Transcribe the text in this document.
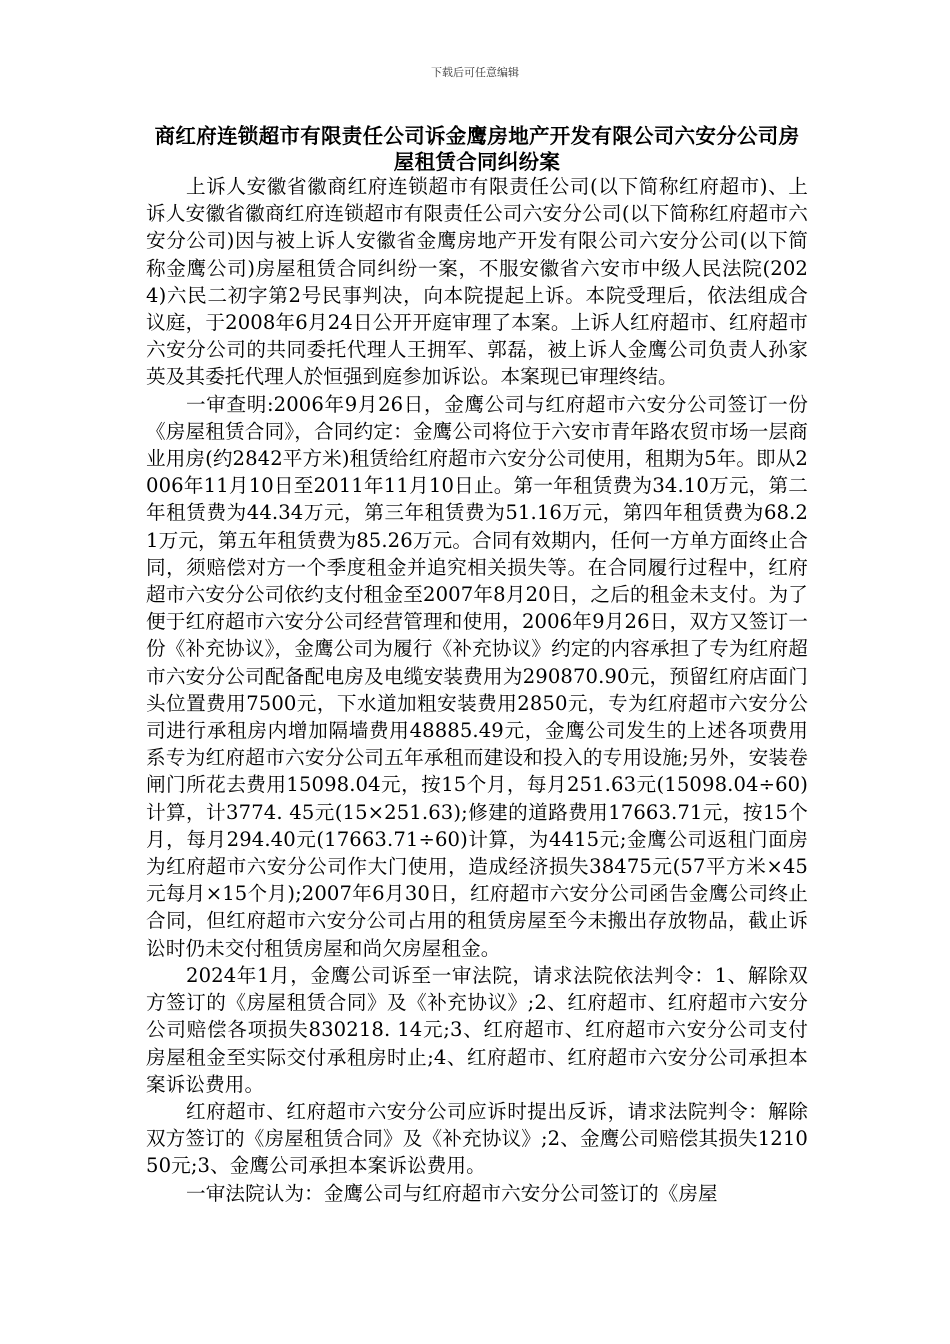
下载后可任意编辑
商红府连锁超市有限责任公司诉金鹰房地产开发有限公司六安分公司房屋租赁合同纠纷案

上诉人安徽省徽商红府连锁超市有限责任公司(以下简称红府超市)、上诉人安徽省徽商红府连锁超市有限责任公司六安分公司(以下简称红府超市六安分公司)因与被上诉人安徽省金鹰房地产开发有限公司六安分公司(以下简称金鹰公司)房屋租赁合同纠纷一案，不服安徽省六安市中级人民法院(2024)六民二初字第2号民事判决，向本院提起上诉。本院受理后，依法组成合议庭，于2008年6月24日公开开庭审理了本案。上诉人红府超市、红府超市六安分公司的共同委托代理人王拥军、郭磊，被上诉人金鹰公司负责人孙家英及其委托代理人於恒强到庭参加诉讼。本案现已审理终结。

一审查明:2006年9月26日，金鹰公司与红府超市六安分公司签订一份《房屋租赁合同》，合同约定：金鹰公司将位于六安市青年路农贸市场一层商业用房(约2842平方米)租赁给红府超市六安分公司使用，租期为5年。即从2006年11月10日至2011年11月10日止。第一年租赁费为34.10万元，第二年租赁费为44.34万元，第三年租赁费为51.16万元，第四年租赁费为68.21万元，第五年租赁费为85.26万元。合同有效期内，任何一方单方面终止合同，须赔偿对方一个季度租金并追究相关损失等。在合同履行过程中，红府超市六安分公司依约支付租金至2007年8月20日，之后的租金未支付。为了便于红府超市六安分公司经营管理和使用，2006年9月26日，双方又签订一份《补充协议》，金鹰公司为履行《补充协议》约定的内容承担了专为红府超市六安分公司配备配电房及电缆安装费用为290870.90元，预留红府店面门头位置费用7500元，下水道加粗安装费用2850元，专为红府超市六安分公司进行承租房内增加隔墙费用48885.49元，金鹰公司发生的上述各项费用系专为红府超市六安分公司五年承租而建设和投入的专用设施;另外，安装卷闸门所花去费用15098.04元，按15个月，每月251.63元(15098.04÷60)计算，计3774. 45元(15×251.63);修建的道路费用17663.71元，按15个月，每月294.40元(17663.71÷60)计算，为4415元;金鹰公司返租门面房为红府超市六安分公司作大门使用，造成经济损失38475元(57平方米×45元每月×15个月);2007年6月30日，红府超市六安分公司函告金鹰公司终止合同，但红府超市六安分公司占用的租赁房屋至今未搬出存放物品，截止诉讼时仍未交付租赁房屋和尚欠房屋租金。

2024年1月，金鹰公司诉至一审法院，请求法院依法判令：1、解除双方签订的《房屋租赁合同》及《补充协议》;2、红府超市、红府超市六安分公司赔偿各项损失830218. 14元;3、红府超市、红府超市六安分公司支付房屋租金至实际交付承租房时止;4、红府超市、红府超市六安分公司承担本案诉讼费用。

红府超市、红府超市六安分公司应诉时提出反诉，请求法院判令：解除双方签订的《房屋租赁合同》及《补充协议》;2、金鹰公司赔偿其损失121050元;3、金鹰公司承担本案诉讼费用。

一审法院认为：金鹰公司与红府超市六安分公司签订的《房屋
